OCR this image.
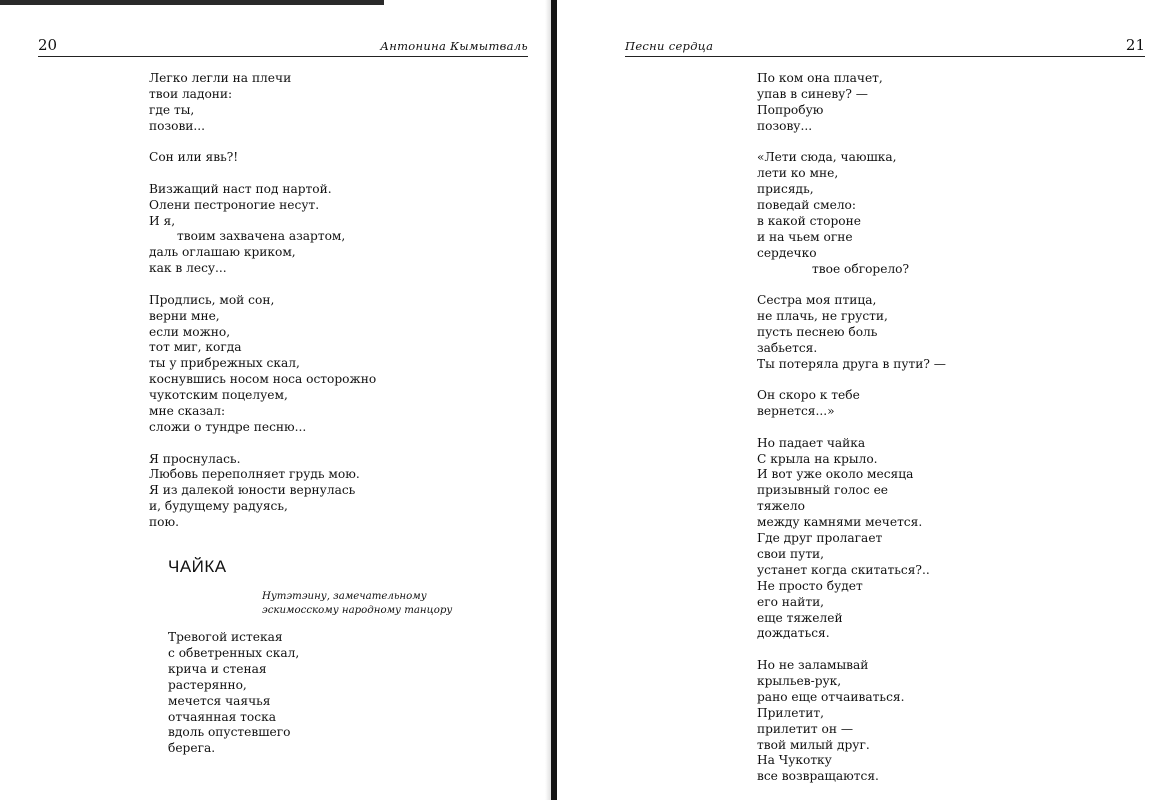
20	Антонина Кымытваль
Легко легли на плечи
твои ладони:
где ты,
позови...
Сон или явь?!
Визжащий наст под нартой.
Олени пестроногие несут.
И я,
твоим захвачена азартом,
даль оглашаю криком,
как в лесу...
Продлись, мой сон,
верни мне,
если можно,
тот миг, когда
ты у прибрежных скал,
коснувшись носом носа осторожно
чукотским поцелуем,
мне сказал:
сложи о тундре песню...
Я проснулась.
Любовь переполняет грудь мою.
Я из далекой юности вернулась
и, будущему радуясь,
пою.
ЧАЙКА
Нутэтэину, замечательному
эскимосскому народному танцору
Тревогой истекая
с обветренных скал,
крича и стеная
растерянно,
мечется чаячья
отчаянная тоска
вдоль опустевшего
берега.
Песни сердца	21
По ком она плачет,
упав в синеву? —
Попробую
позову...
«Лети сюда, чаюшка,
лети ко мне,
присядь,
поведай смело:
в какой стороне
и на чьем огне
сердечко
твое обгорело?
Сестра моя птица,
не плачь, не грусти,
пусть песнею боль
забьется.
Ты потеряла друга в пути? —
Он скоро к тебе
вернется...»
Но падает чайка
С крыла на крыло.
И вот уже около месяца
призывный голос ее
тяжело
между камнями мечется.
Где друг пролагает
свои пути,
устанет когда скитаться?..
Не просто будет
его найти,
еще тяжелей
дождаться.
Но не заламывай
крыльев-рук,
рано еще отчаиваться.
Прилетит,
прилетит он —
твой милый друг.
На Чукотку
все возвращаются.
